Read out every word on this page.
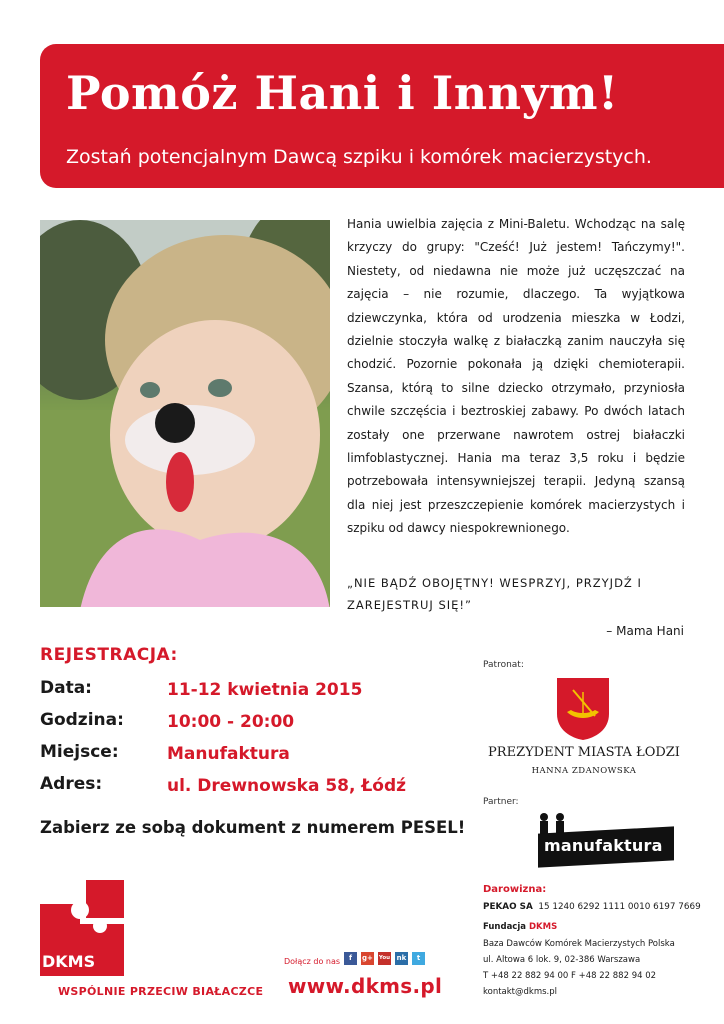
Pomóż Hani i Innym!
Zostań potencjalnym Dawcą szpiku i komórek macierzystych.
Hania uwielbia zajęcia z Mini-Baletu. Wchodząc na salę krzyczy do grupy: "Cześć! Już jestem! Tańczymy!". Niestety, od niedawna nie może już uczęszczać na zajęcia – nie rozumie, dlaczego. Ta wyjątkowa dziewczynka, która od urodzenia mieszka w Łodzi, dzielnie stoczyła walkę z białaczką zanim nauczyła się chodzić. Pozornie pokonała ją dzięki chemioterapii. Szansa, którą to silne dziecko otrzymało, przyniosła chwile szczęścia i beztroskiej zabawy. Po dwóch latach zostały one przerwane nawrotem ostrej białaczki limfoblastycznej. Hania ma teraz 3,5 roku i będzie potrzebowała intensywniejszej terapii. Jedyną szansą dla niej jest przeszczepienie komórek macierzystych i szpiku od dawcy niespokrewnionego.
„NIE BĄDŹ OBOJĘTNY! WESPRZYJ, PRZYJDŹ I ZAREJESTRUJ SIĘ!”
– Mama Hani
REJESTRACJA:
Data:	11-12 kwietnia 2015
Godzina:	10:00 - 20:00
Miejsce:	Manufaktura
Adres:	ul. Drewnowska 58, Łódź
Zabierz ze sobą dokument z numerem PESEL!
Patronat:
PREZYDENT MIASTA ŁODZI
HANNA ZDANOWSKA
Partner:
manufaktura
Darowizna:
PEKAO SA 15 1240 6292 1111 0010 6197 7669
Fundacja DKMS
Baza Dawców Komórek Macierzystych Polska
ul. Altowa 6 lok. 9, 02-386 Warszawa
T +48 22 882 94 00 F +48 22 882 94 02
kontakt@dkms.pl
DKMS
WSPÓLNIE PRZECIW BIAŁACZCE
Dołącz do nas	f	g+ You nk	t
www.dkms.pl
